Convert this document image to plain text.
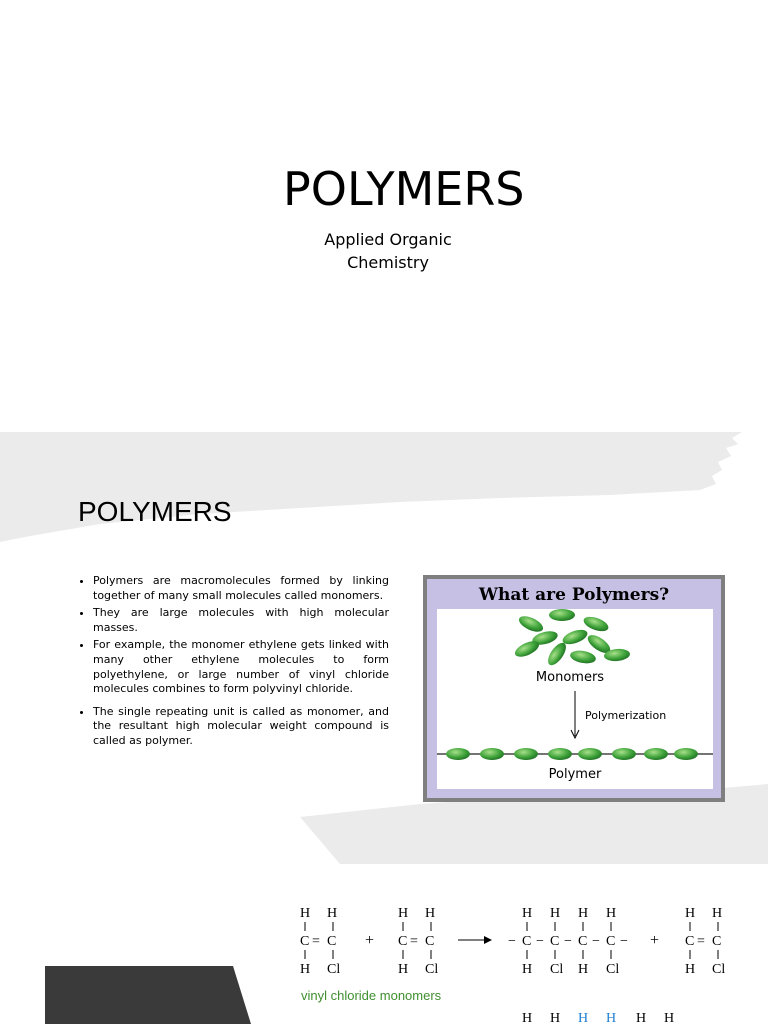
POLYMERS
Applied Organic Chemistry
POLYMERS
• Polymers are macromolecules formed by linking together of many small molecules called monomers.
• They are large molecules with high molecular masses.
• For example, the monomer ethylene gets linked with many other ethylene molecules to form polyethylene, or large number of vinyl chloride molecules combines to form polyvinyl chloride.
• The single repeating unit is called as monomer, and the resultant high molecular weight compound is called as polymer.
What are Polymers?
Monomers
Polymerization
Polymer
H H
C = C
H Cl
+
H H
C = C
H Cl
H H H H
− C − C − C − C −
H Cl H Cl
+
H H
C = C
H Cl
H H H H H H
vinyl chloride monomers
